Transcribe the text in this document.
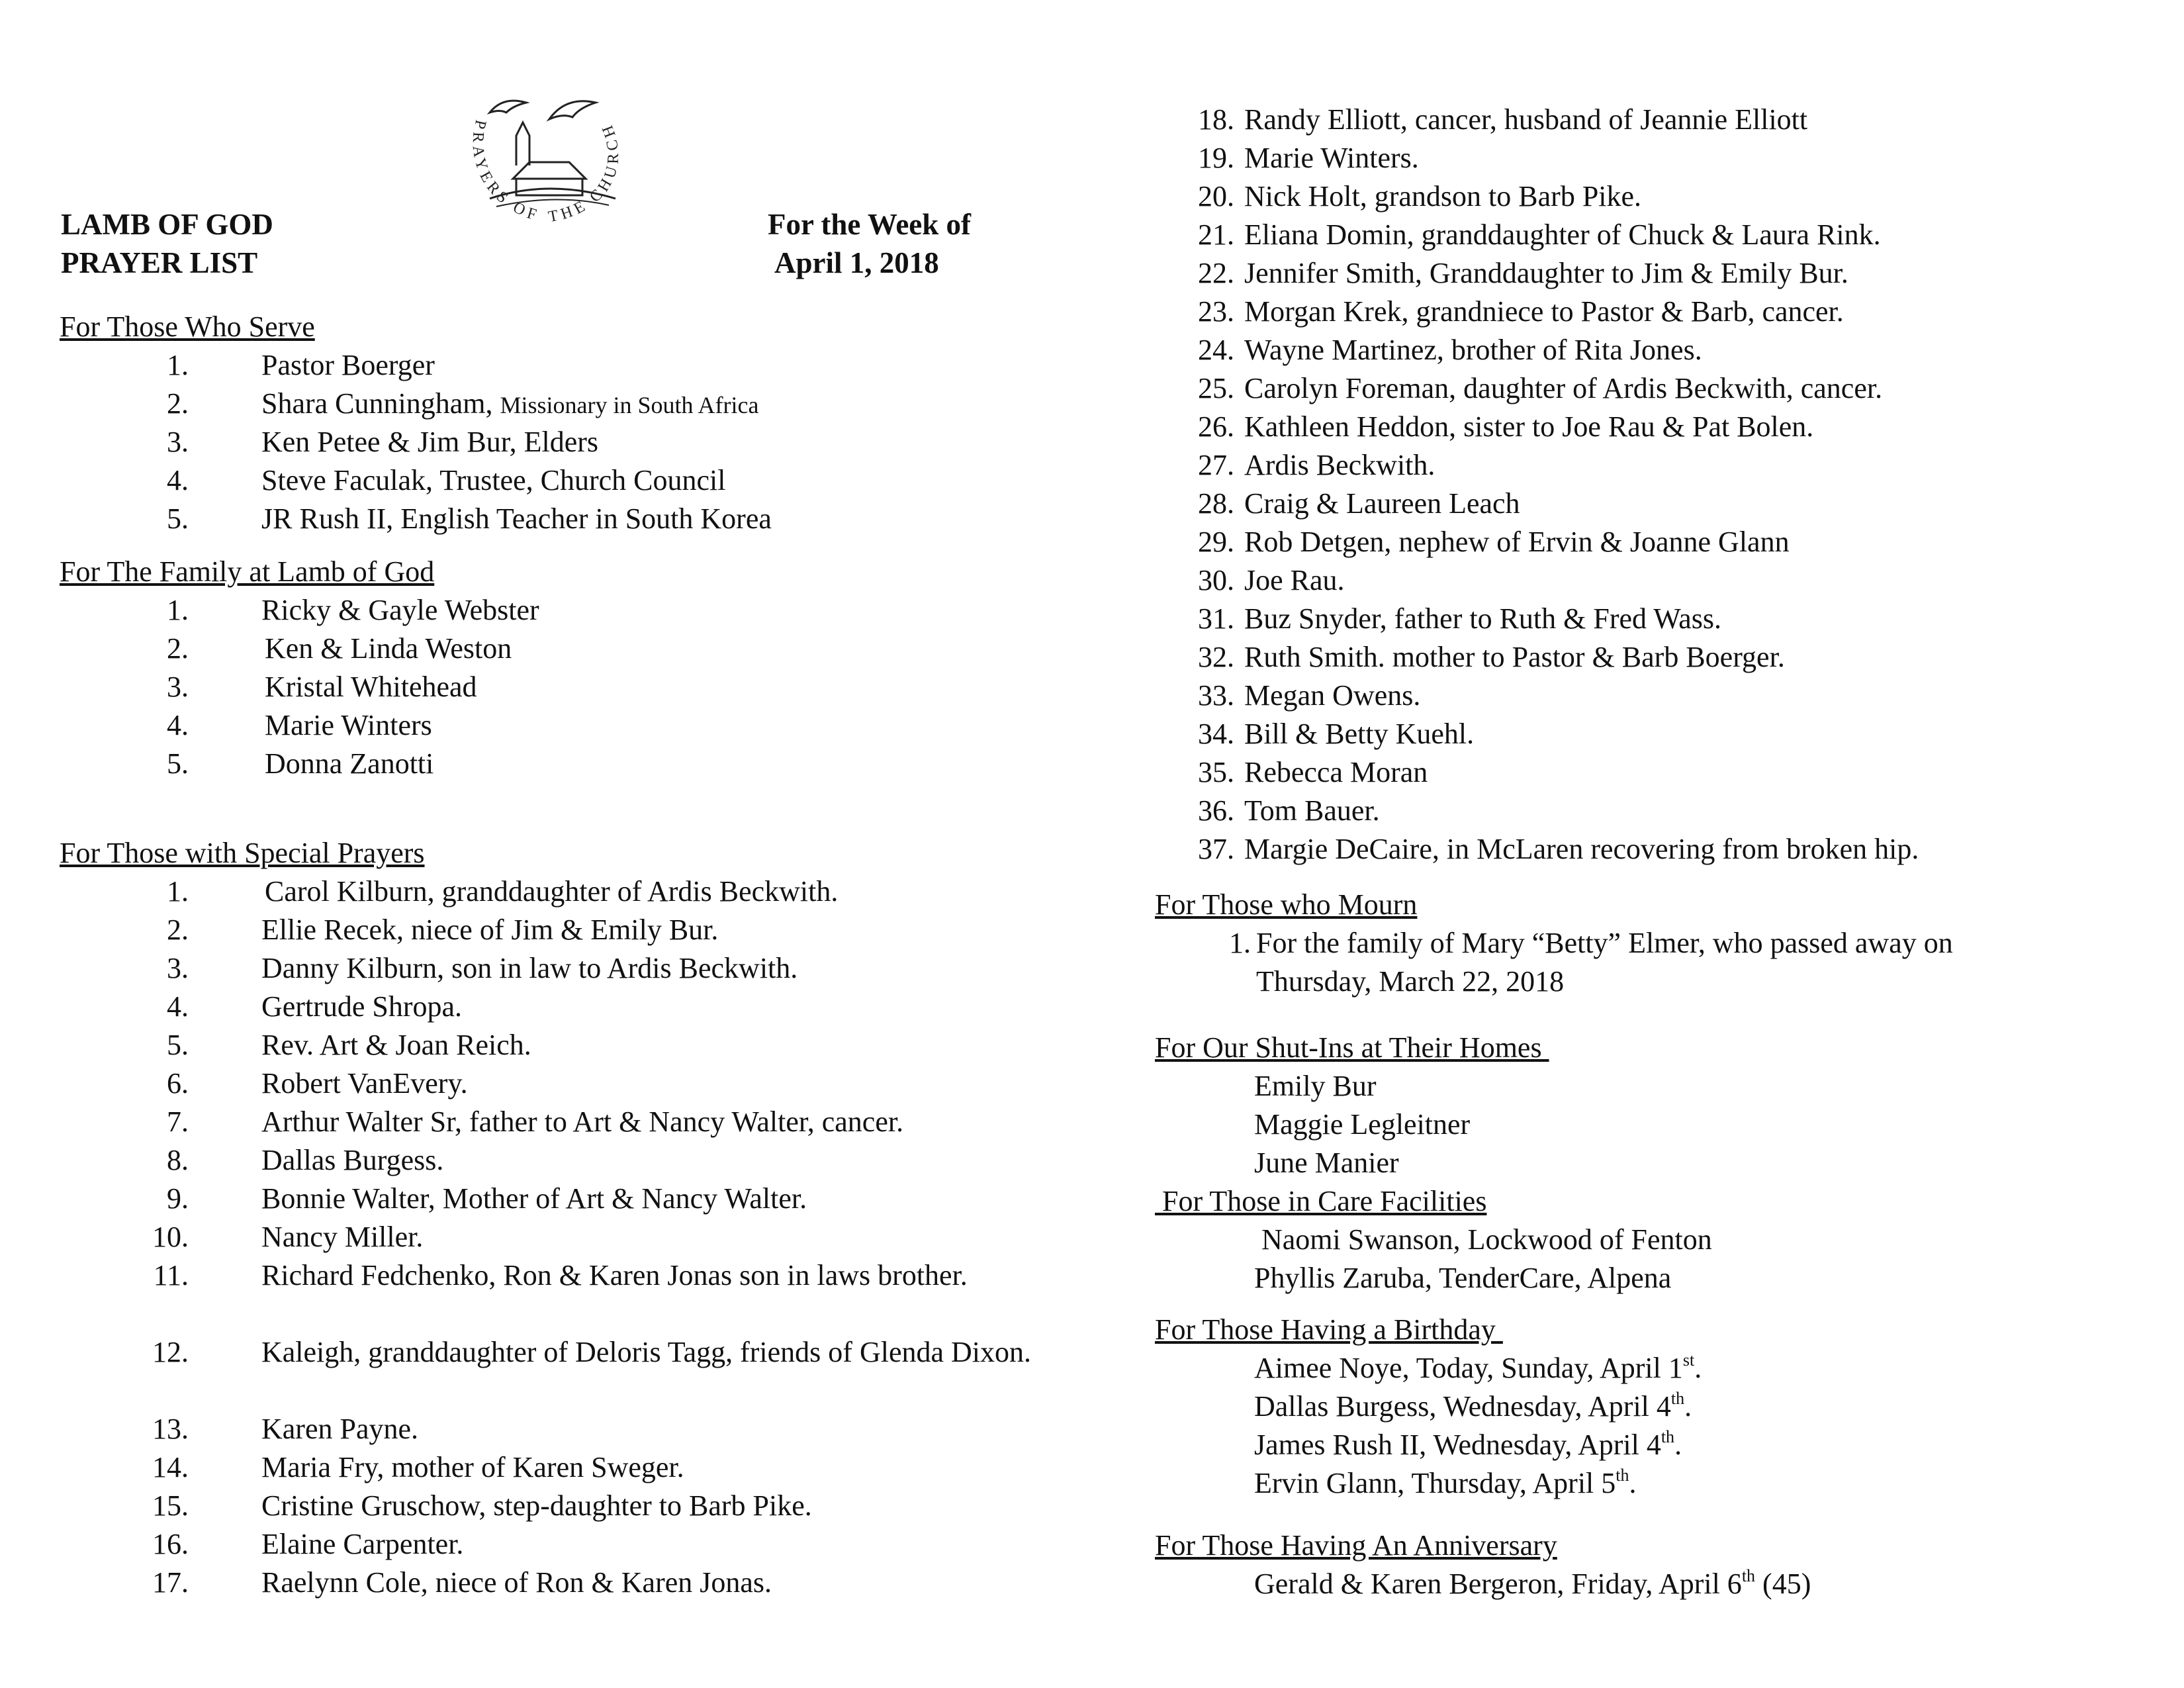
LAMB OF GOD
PRAYER LIST
For the Week of
April 1, 2018
PRAYERS OF THE CHURCH
For Those Who Serve
1.	Pastor Boerger
2.	Shara Cunningham, Missionary in South Africa
3.	Ken Petee & Jim Bur, Elders
4.	Steve Faculak, Trustee, Church Council
5.	JR Rush II, English Teacher in South Korea
For The Family at Lamb of God
1.	Ricky & Gayle Webster
2.	Ken & Linda Weston
3.	Kristal Whitehead
4.	Marie Winters
5.	Donna Zanotti
For Those with Special Prayers
1.	Carol Kilburn, granddaughter of Ardis Beckwith.
2.	Ellie Recek, niece of Jim & Emily Bur.
3.	Danny Kilburn, son in law to Ardis Beckwith.
4.	Gertrude Shropa.
5.	Rev. Art & Joan Reich.
6.	Robert VanEvery.
7.	Arthur Walter Sr, father to Art & Nancy Walter, cancer.
8.	Dallas Burgess.
9.	Bonnie Walter, Mother of Art & Nancy Walter.
10.	Nancy Miller.
11.	Richard Fedchenko, Ron & Karen Jonas son in laws brother.
12.	Kaleigh, granddaughter of Deloris Tagg, friends of Glenda Dixon.
13.	Karen Payne.
14.	Maria Fry, mother of Karen Sweger.
15.	Cristine Gruschow, step-daughter to Barb Pike.
16.	Elaine Carpenter.
17.	Raelynn Cole, niece of Ron & Karen Jonas.
18. Randy Elliott, cancer, husband of Jeannie Elliott
19. Marie Winters.
20. Nick Holt, grandson to Barb Pike.
21. Eliana Domin, granddaughter of Chuck & Laura Rink.
22. Jennifer Smith, Granddaughter to Jim & Emily Bur.
23. Morgan Krek, grandniece to Pastor & Barb, cancer.
24. Wayne Martinez, brother of Rita Jones.
25. Carolyn Foreman, daughter of Ardis Beckwith, cancer.
26. Kathleen Heddon, sister to Joe Rau & Pat Bolen.
27. Ardis Beckwith.
28. Craig & Laureen Leach
29. Rob Detgen, nephew of Ervin & Joanne Glann
30. Joe Rau.
31. Buz Snyder, father to Ruth & Fred Wass.
32. Ruth Smith. mother to Pastor & Barb Boerger.
33. Megan Owens.
34. Bill & Betty Kuehl.
35. Rebecca Moran
36. Tom Bauer.
37. Margie DeCaire, in McLaren recovering from broken hip.
For Those who Mourn
1. For the family of Mary “Betty” Elmer, who passed away on
Thursday, March 22, 2018
For Our Shut-Ins at Their Homes
Emily Bur
Maggie Legleitner
June Manier
For Those in Care Facilities
Naomi Swanson, Lockwood of Fenton
Phyllis Zaruba, TenderCare, Alpena
For Those Having a Birthday
Aimee Noye, Today, Sunday, April 1st.
Dallas Burgess, Wednesday, April 4th.
James Rush II, Wednesday, April 4th.
Ervin Glann, Thursday, April 5th.
For Those Having An Anniversary
Gerald & Karen Bergeron, Friday, April 6th (45)
